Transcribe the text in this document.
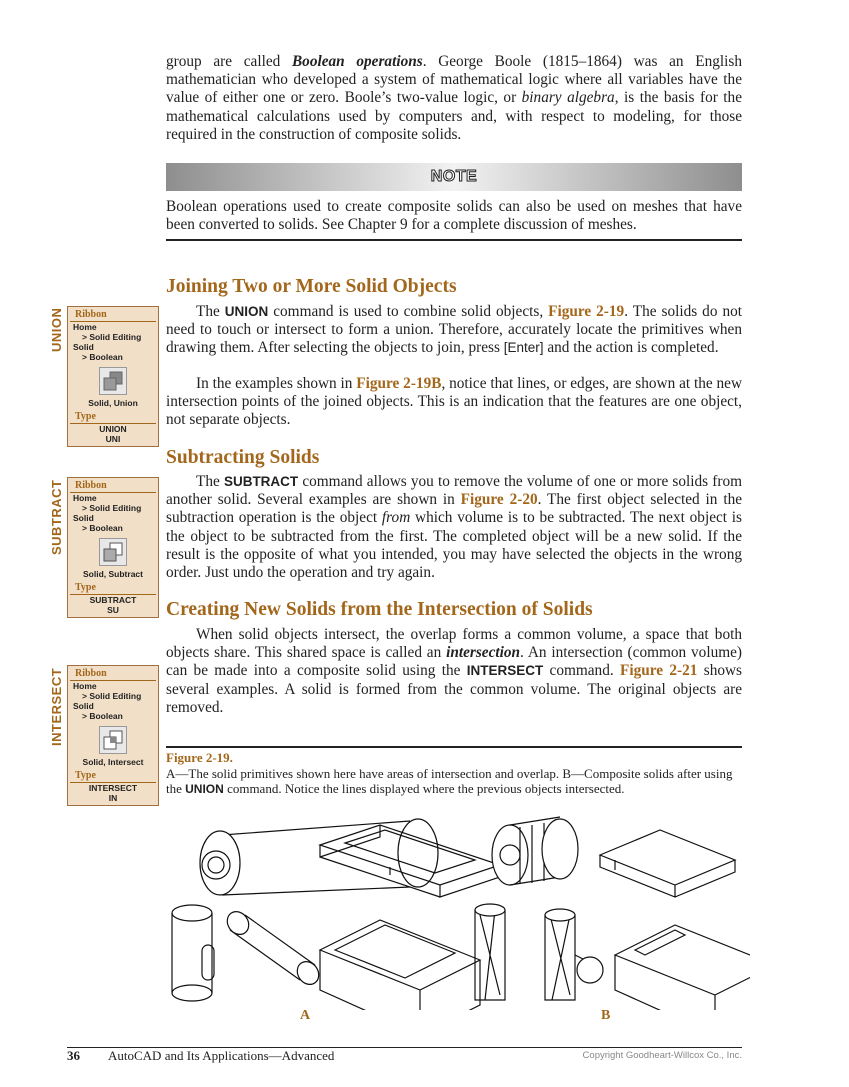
group are called Boolean operations. George Boole (1815–1864) was an English mathematician who developed a system of mathematical logic where all variables have the value of either one or zero. Boole’s two-value logic, or binary algebra, is the basis for the mathematical calculations used by computers and, with respect to modeling, for those required in the construction of composite solids.
NOTE
Boolean operations used to create composite solids can also be used on meshes that have been converted to solids. See Chapter 9 for a complete discussion of meshes.
Joining Two or More Solid Objects
The UNION command is used to combine solid objects, Figure 2-19. The solids do not need to touch or intersect to form a union. Therefore, accurately locate the primitives when drawing them. After selecting the objects to join, press [Enter] and the action is completed.
In the examples shown in Figure 2-19B, notice that lines, or edges, are shown at the new intersection points of the joined objects. This is an indication that the features are one object, not separate objects.
Subtracting Solids
The SUBTRACT command allows you to remove the volume of one or more solids from another solid. Several examples are shown in Figure 2-20. The first object selected in the subtraction operation is the object from which volume is to be subtracted. The next object is the object to be subtracted from the first. The completed object will be a new solid. If the result is the opposite of what you intended, you may have selected the objects in the wrong order. Just undo the operation and try again.
Creating New Solids from the Intersection of Solids
When solid objects intersect, the overlap forms a common volume, a space that both objects share. This shared space is called an intersection. An intersection (common volume) can be made into a composite solid using the INTERSECT command. Figure 2-21 shows several examples. A solid is formed from the common volume. The original objects are removed.
UNION	Ribbon
Home
> Solid Editing
Solid
> Boolean
Solid, Union
Type
UNION
UNI
SUBTRACT	Ribbon
Home
> Solid Editing
Solid
> Boolean
Solid, Subtract
Type
SUBTRACT
SU
INTERSECT	Ribbon
Home
> Solid Editing
Solid
> Boolean
Solid, Intersect
Type
INTERSECT
IN
Figure 2-19.
A—The solid primitives shown here have areas of intersection and overlap. B—Composite solids after using the UNION command. Notice the lines displayed where the previous objects intersected.
A	B
36 AutoCAD and Its Applications—Advanced	Copyright Goodheart-Willcox Co., Inc.
